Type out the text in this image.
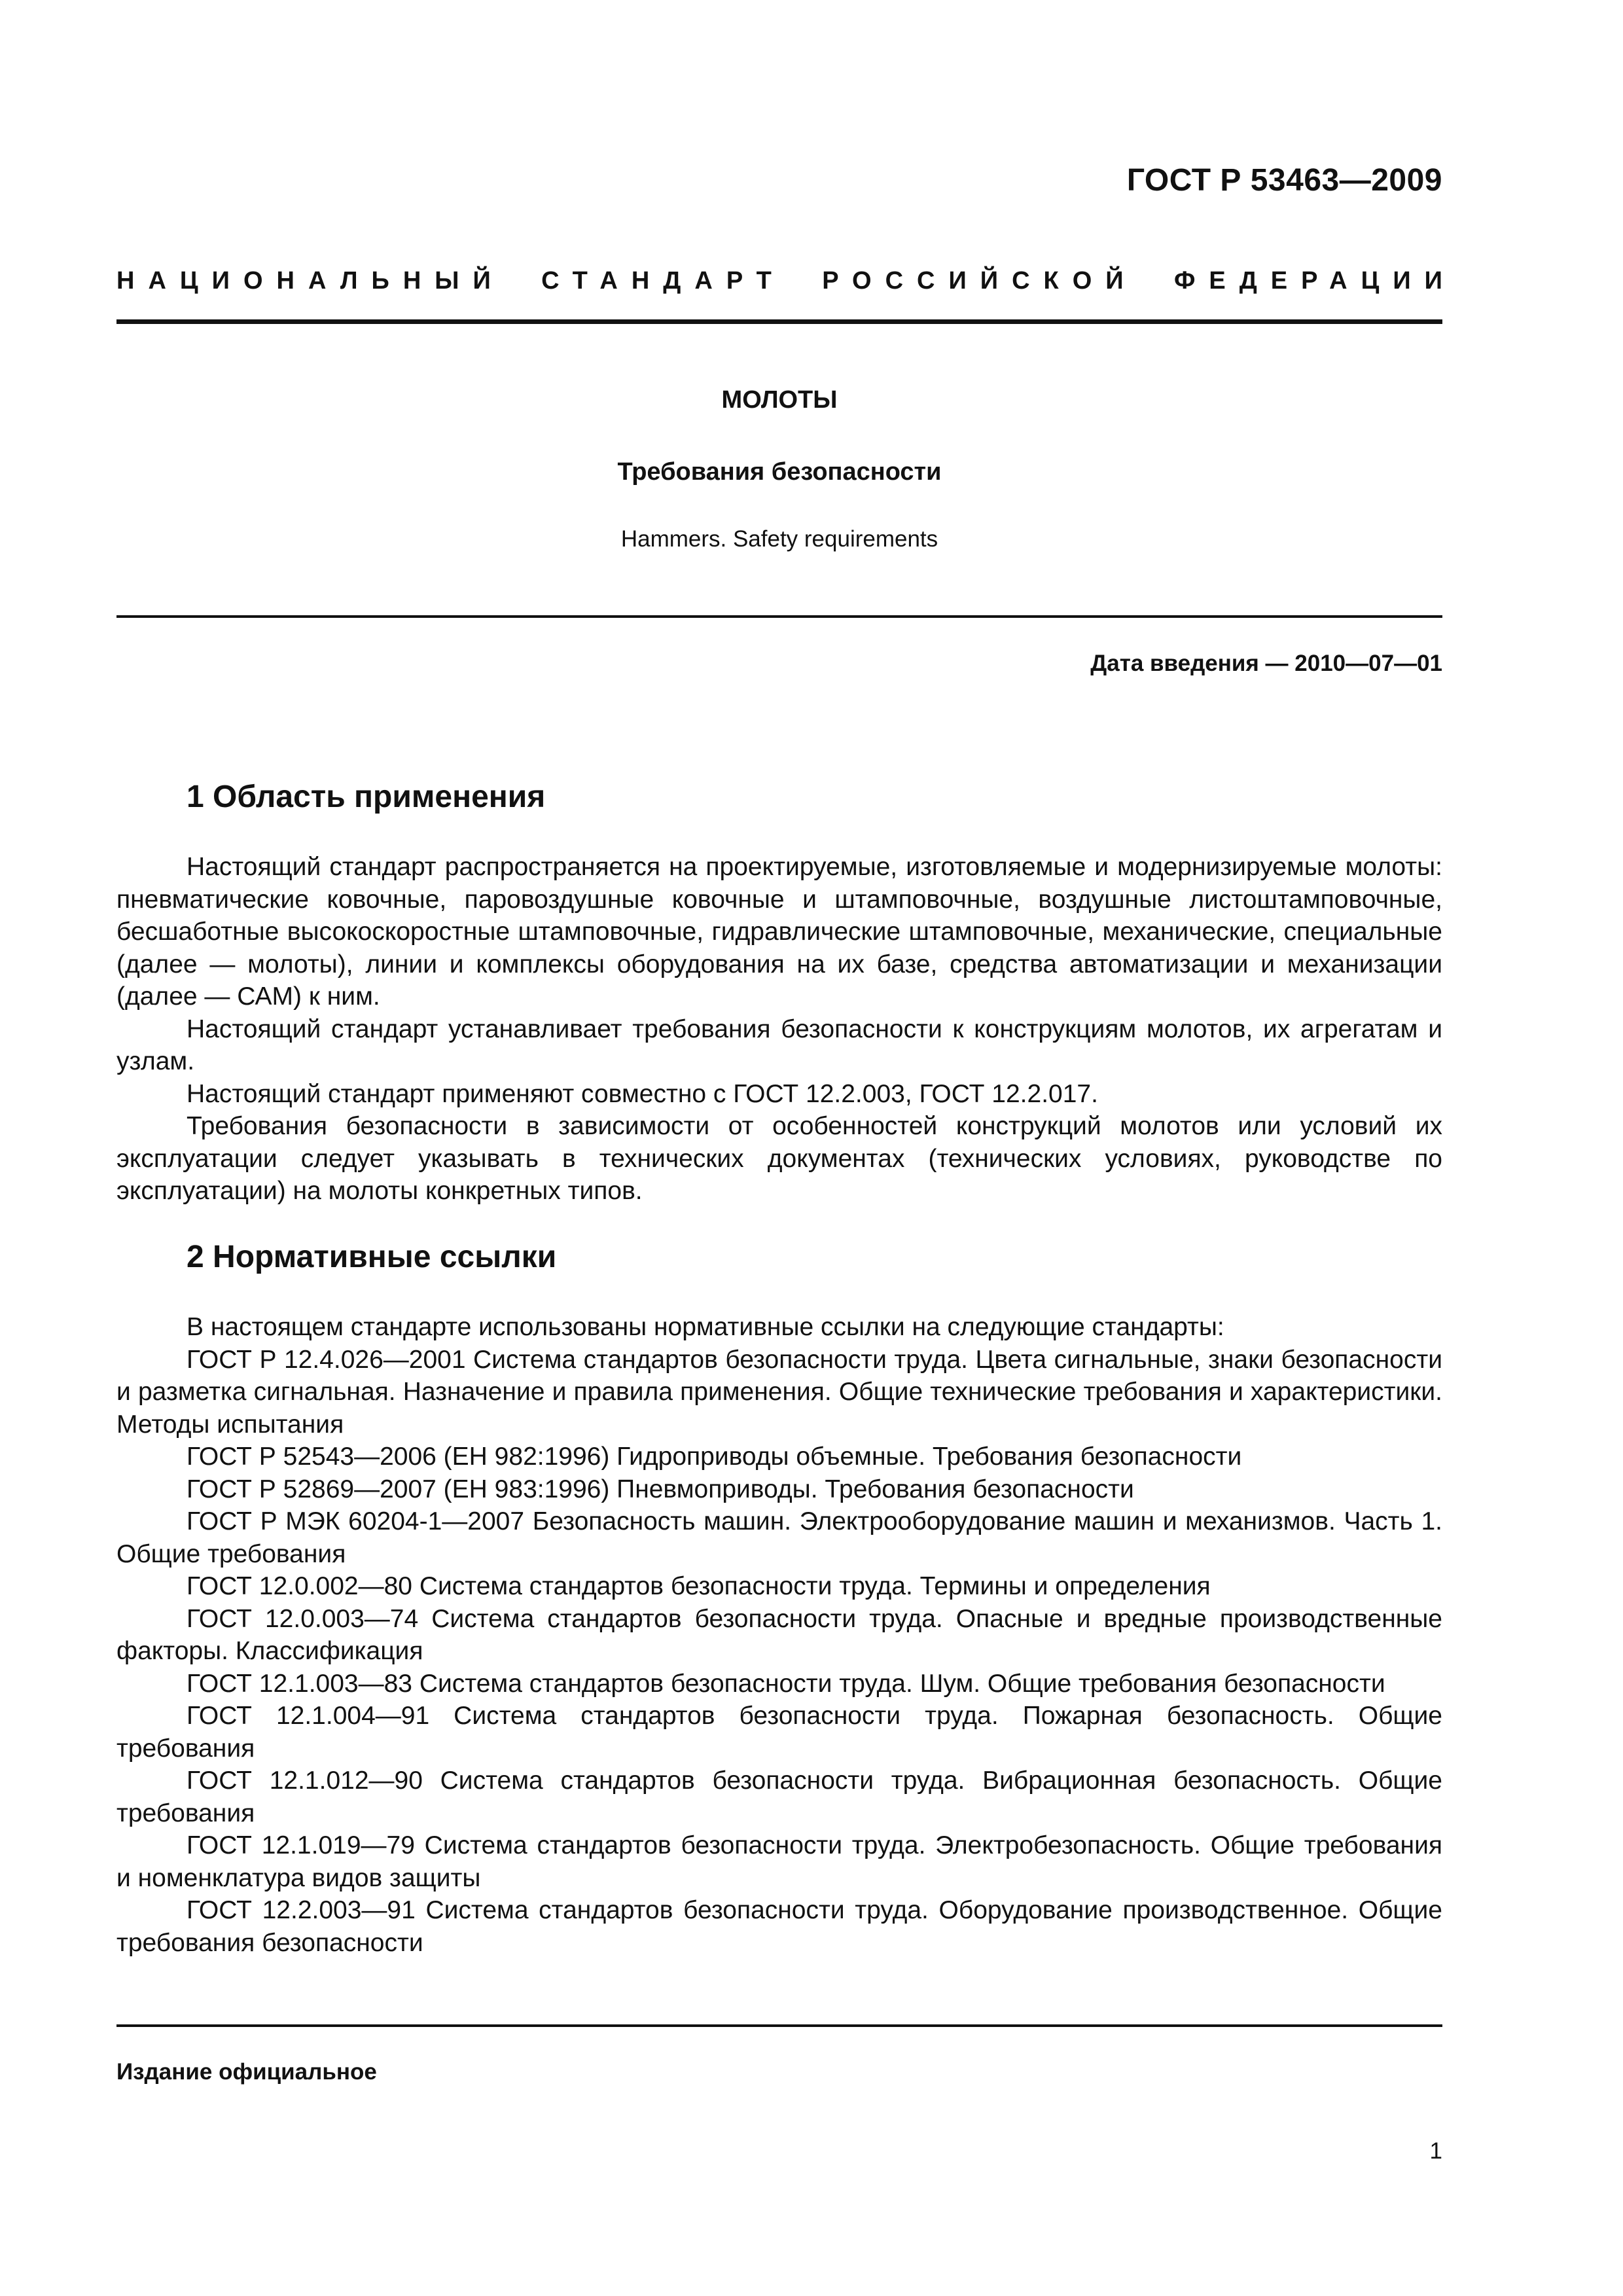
ГОСТ Р 53463—2009
НАЦИОНАЛЬНЫЙ СТАНДАРТ РОССИЙСКОЙ ФЕДЕРАЦИИ
МОЛОТЫ
Требования безопасности
Hammers. Safety requirements
Дата введения — 2010—07—01
1 Область применения

Настоящий стандарт распространяется на проектируемые, изготовляемые и модернизируемые молоты: пневматические ковочные, паровоздушные ковочные и штамповочные, воздушные листоштамповочные, бесшаботные высокоскоростные штамповочные, гидравлические штамповочные, механические, специальные (далее — молоты), линии и комплексы оборудования на их базе, средства автоматизации и механизации (далее — САМ) к ним.

Настоящий стандарт устанавливает требования безопасности к конструкциям молотов, их агрегатам и узлам.

Настоящий стандарт применяют совместно с ГОСТ 12.2.003, ГОСТ 12.2.017.

Требования безопасности в зависимости от особенностей конструкций молотов или условий их эксплуатации следует указывать в технических документах (технических условиях, руководстве по эксплуатации) на молоты конкретных типов.

2 Нормативные ссылки

В настоящем стандарте использованы нормативные ссылки на следующие стандарты:

ГОСТ Р 12.4.026—2001 Система стандартов безопасности труда. Цвета сигнальные, знаки безопасности и разметка сигнальная. Назначение и правила применения. Общие технические требования и характеристики. Методы испытания

ГОСТ Р 52543—2006 (ЕН 982:1996) Гидроприводы объемные. Требования безопасности

ГОСТ Р 52869—2007 (ЕН 983:1996) Пневмоприводы. Требования безопасности

ГОСТ Р МЭК 60204-1—2007 Безопасность машин. Электрооборудование машин и механизмов. Часть 1. Общие требования

ГОСТ 12.0.002—80 Система стандартов безопасности труда. Термины и определения

ГОСТ 12.0.003—74 Система стандартов безопасности труда. Опасные и вредные производственные факторы. Классификация

ГОСТ 12.1.003—83 Система стандартов безопасности труда. Шум. Общие требования безопасности

ГОСТ 12.1.004—91 Система стандартов безопасности труда. Пожарная безопасность. Общие требования

ГОСТ 12.1.012—90 Система стандартов безопасности труда. Вибрационная безопасность. Общие требования

ГОСТ 12.1.019—79 Система стандартов безопасности труда. Электробезопасность. Общие требования и номенклатура видов защиты

ГОСТ 12.2.003—91 Система стандартов безопасности труда. Оборудование производственное. Общие требования безопасности

Издание официальное
1
